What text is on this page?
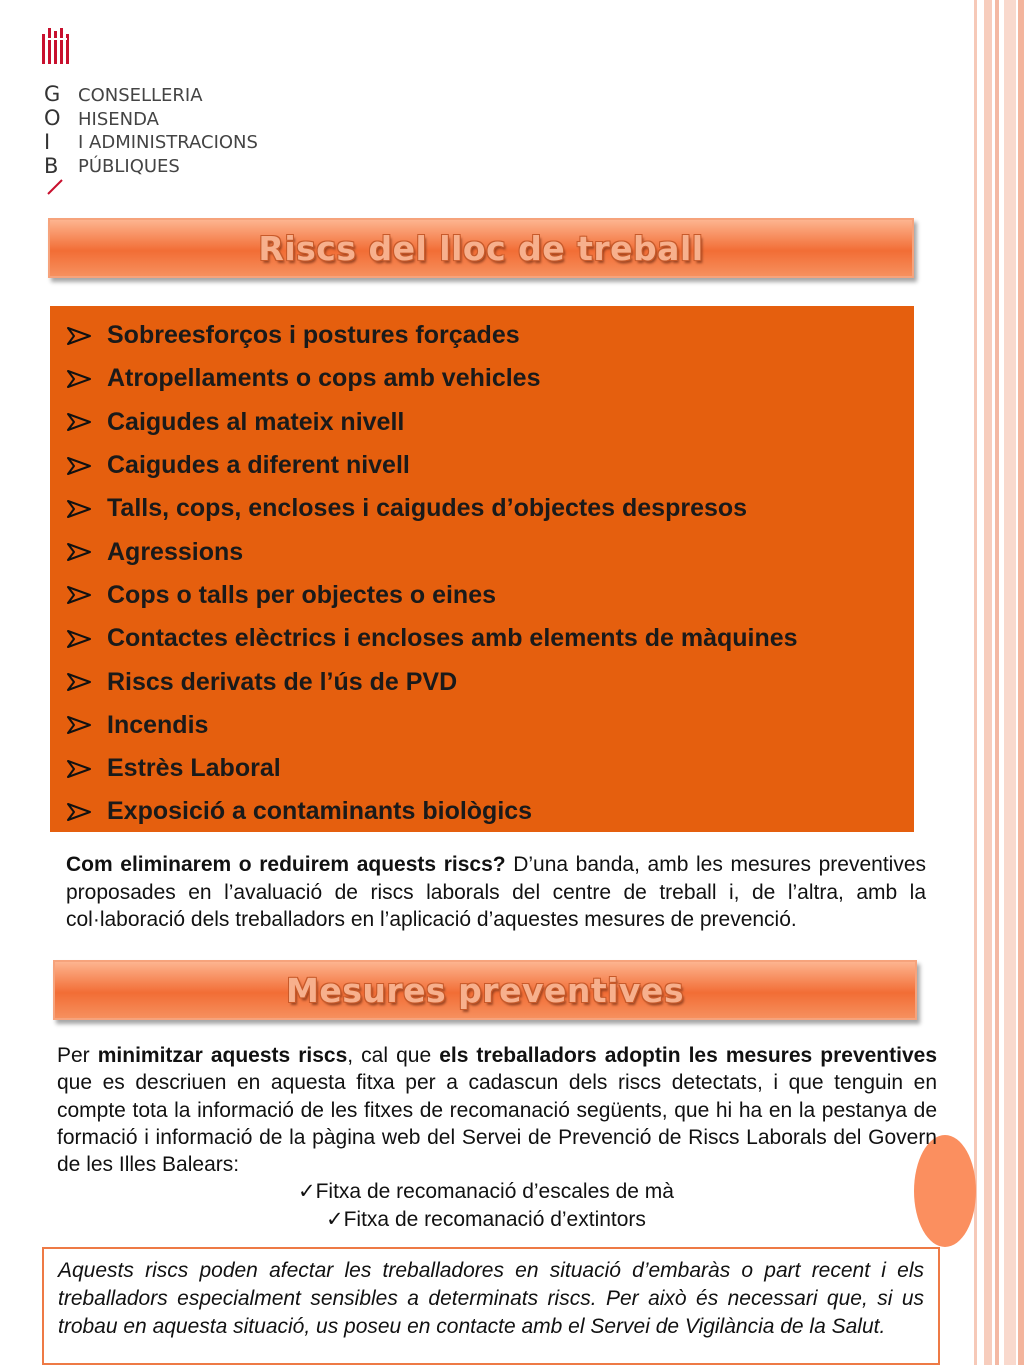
G
O
I
B
CONSELLERIA
HISENDA
I ADMINISTRACIONS
PÚBLIQUES
Riscs del lloc de treball
Sobreesforços i postures forçades
Atropellaments o cops amb vehicles
Caigudes al mateix nivell
Caigudes a diferent nivell
Talls, cops, encloses i caigudes d’objectes despresos
Agressions
Cops o talls per objectes o eines
Contactes elèctrics i encloses amb elements de màquines
Riscs derivats de l’ús de PVD
Incendis
Estrès Laboral
Exposició a contaminants biològics

Com eliminarem o reduirem aquests riscs? D’una banda, amb les mesures preventives proposades en l’avaluació de riscs laborals del centre de treball i, de l’altra, amb la col·laboració dels treballadors en l’aplicació d’aquestes mesures de prevenció.

Mesures preventives

Per minimitzar aquests riscs, cal que els treballadors adoptin les mesures preventives que es descriuen en aquesta fitxa per a cadascun dels riscs detectats, i que tenguin en compte tota la informació de les fitxes de recomanació següents, que hi ha en la pestanya de formació i informació de la pàgina web del Servei de Prevenció de Riscs Laborals del Govern de les Illes Balears:

✓Fitxa de recomanació d’escales de mà
✓Fitxa de recomanació d’extintors

Aquests riscs poden afectar les treballadores en situació d’embaràs o part recent i els treballadors especialment sensibles a determinats riscs. Per això és necessari que, si us trobau en aquesta situació, us poseu en contacte amb el Servei de Vigilància de la Salut.
